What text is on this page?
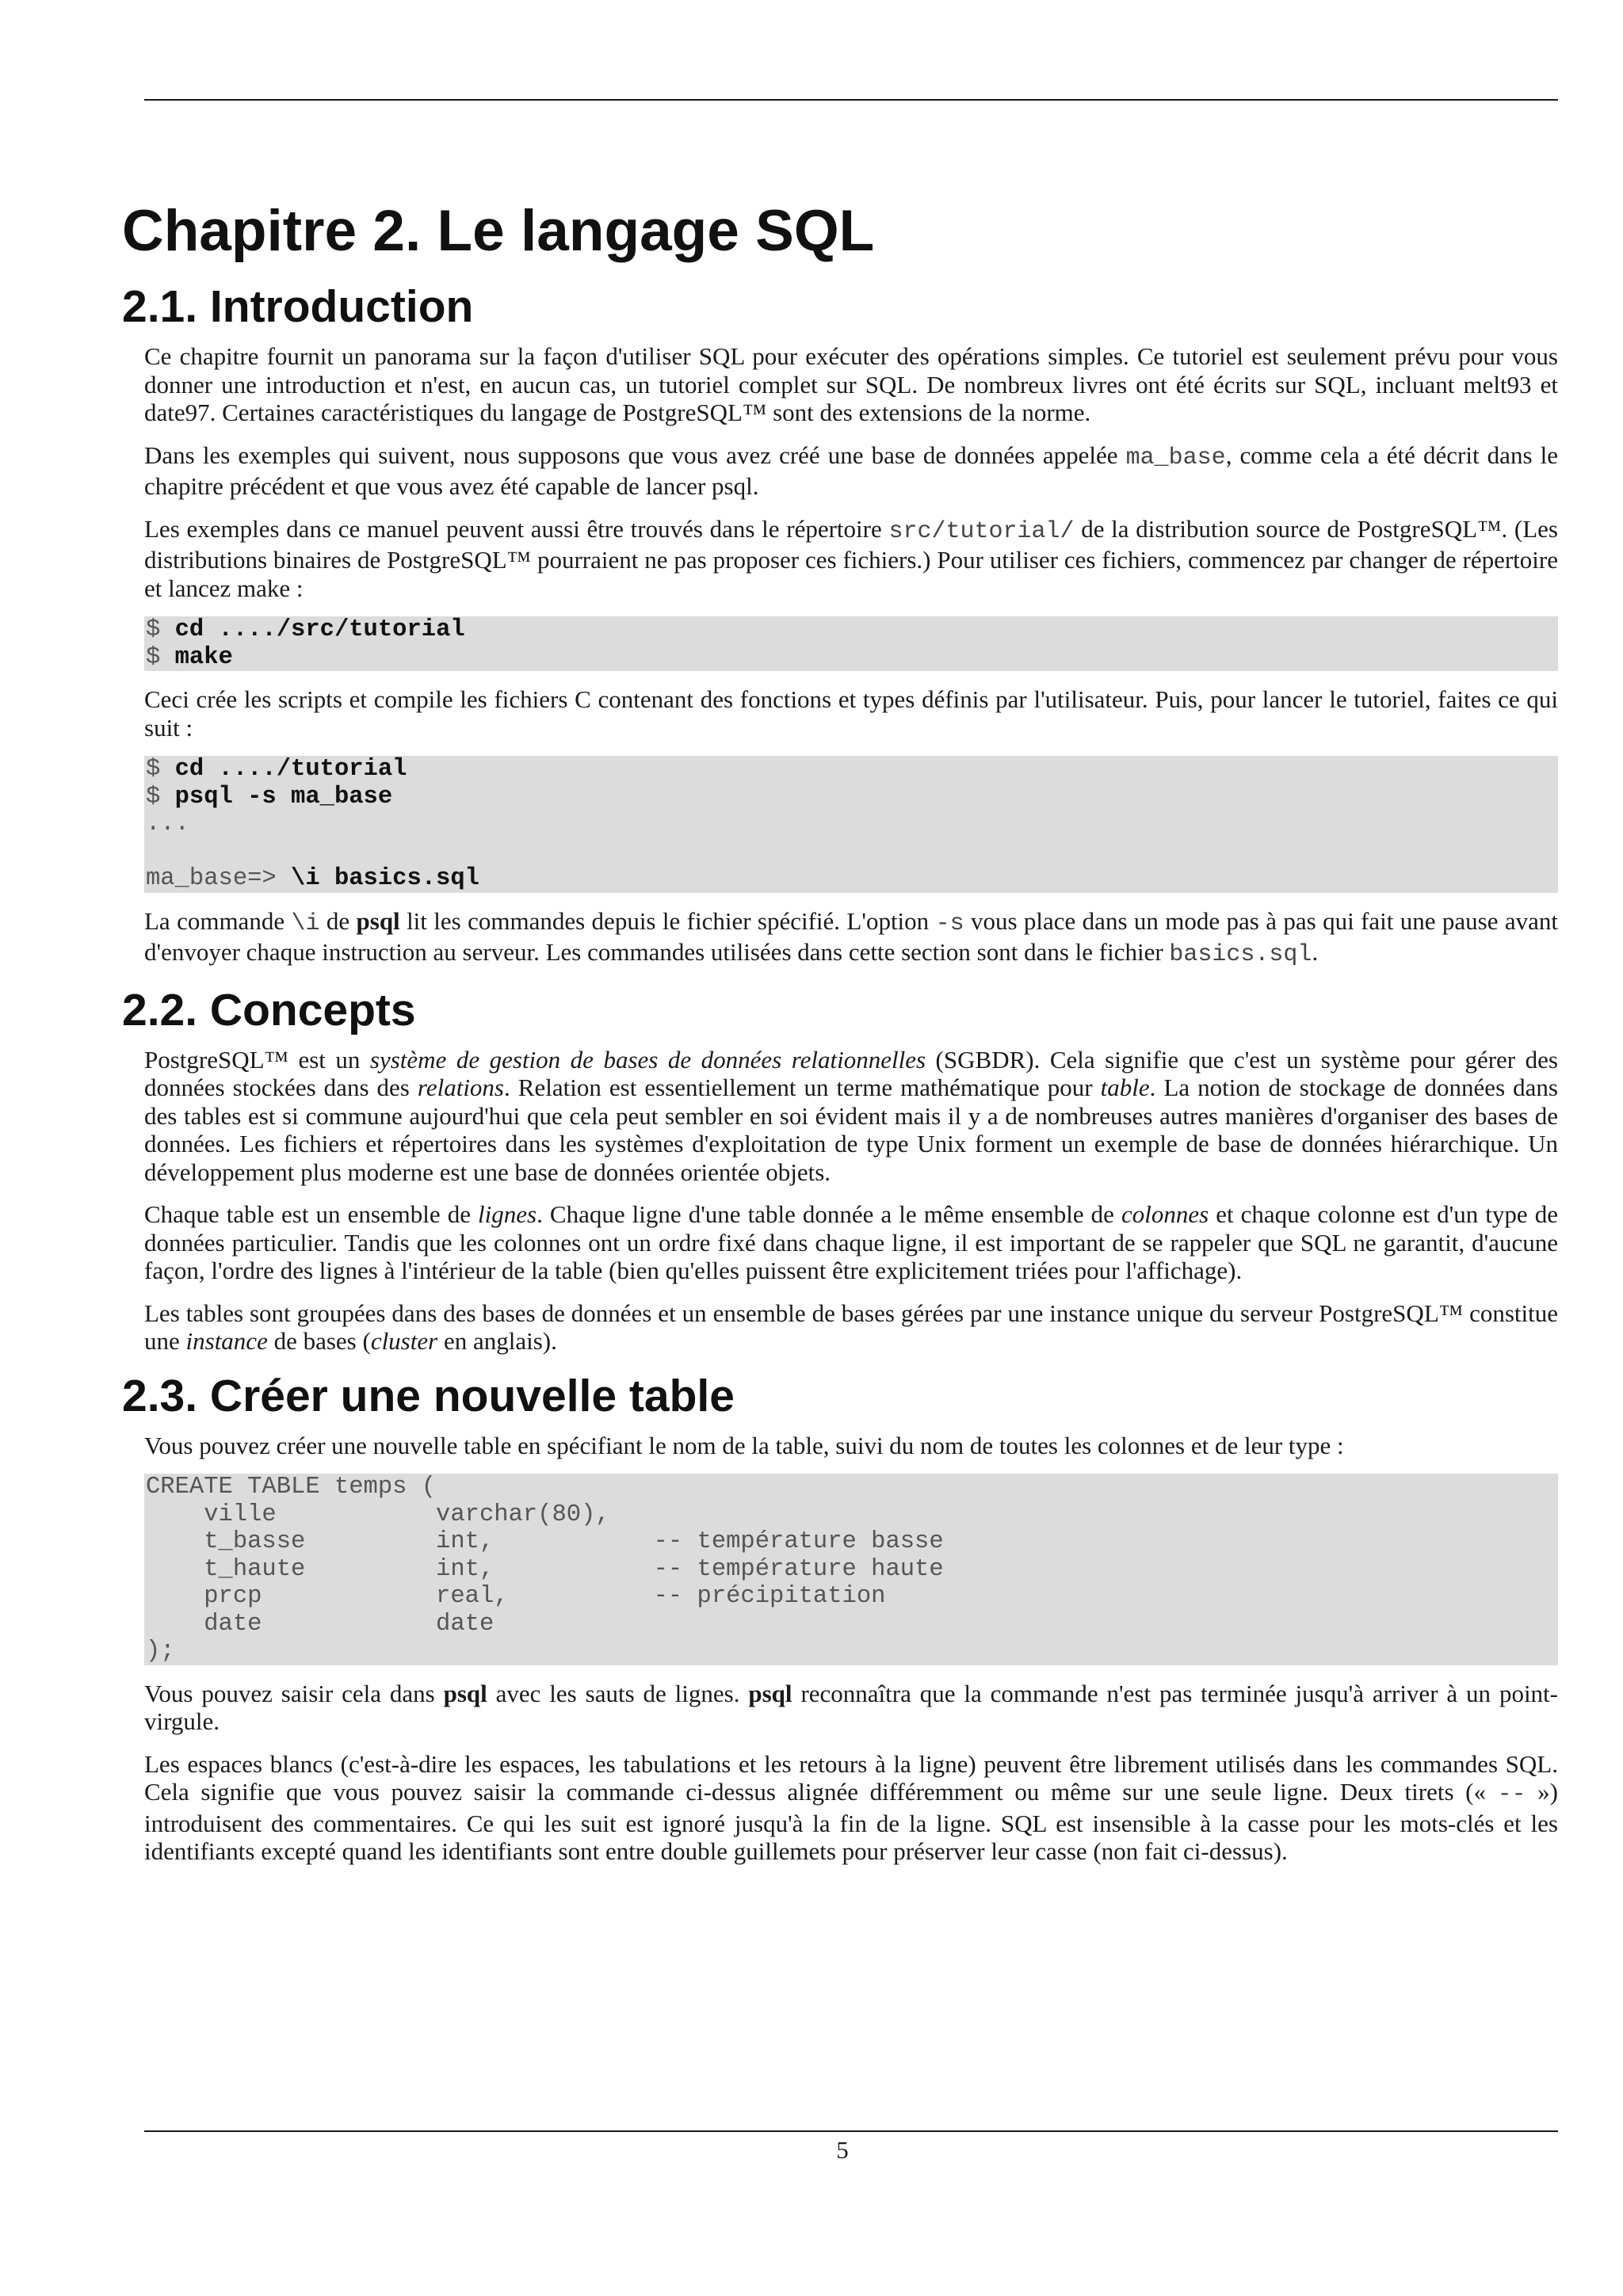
Chapitre 2. Le langage SQL
2.1. Introduction

Ce chapitre fournit un panorama sur la façon d'utiliser SQL pour exécuter des opérations simples. Ce tutoriel est seulement prévu pour vous donner une introduction et n'est, en aucun cas, un tutoriel complet sur SQL. De nombreux livres ont été écrits sur SQL, incluant melt93 et date97. Certaines caractéristiques du langage de PostgreSQL™ sont des extensions de la norme.

Dans les exemples qui suivent, nous supposons que vous avez créé une base de données appelée ma_base, comme cela a été décrit dans le chapitre précédent et que vous avez été capable de lancer psql.

Les exemples dans ce manuel peuvent aussi être trouvés dans le répertoire src/tutorial/ de la distribution source de PostgreSQL™. (Les distributions binaires de PostgreSQL™ pourraient ne pas proposer ces fichiers.) Pour utiliser ces fichiers, commencez par changer de répertoire et lancez make :

$ cd ..../src/tutorial
$ make

Ceci crée les scripts et compile les fichiers C contenant des fonctions et types définis par l'utilisateur. Puis, pour lancer le tutoriel, faites ce qui suit :

$ cd ..../tutorial
$ psql -s ma_base
...
ma_base=> \i basics.sql

La commande \i de psql lit les commandes depuis le fichier spécifié. L'option -s vous place dans un mode pas à pas qui fait une pause avant d'envoyer chaque instruction au serveur. Les commandes utilisées dans cette section sont dans le fichier basics.sql.

2.2. Concepts

PostgreSQL™ est un système de gestion de bases de données relationnelles (SGBDR). Cela signifie que c'est un système pour gérer des données stockées dans des relations. Relation est essentiellement un terme mathématique pour table. La notion de stockage de données dans des tables est si commune aujourd'hui que cela peut sembler en soi évident mais il y a de nombreuses autres manières d'organiser des bases de données. Les fichiers et répertoires dans les systèmes d'exploitation de type Unix forment un exemple de base de données hiérarchique. Un développement plus moderne est une base de données orientée objets.

Chaque table est un ensemble de lignes. Chaque ligne d'une table donnée a le même ensemble de colonnes et chaque colonne est d'un type de données particulier. Tandis que les colonnes ont un ordre fixé dans chaque ligne, il est important de se rappeler que SQL ne garantit, d'aucune façon, l'ordre des lignes à l'intérieur de la table (bien qu'elles puissent être explicitement triées pour l'affichage).

Les tables sont groupées dans des bases de données et un ensemble de bases gérées par une instance unique du serveur PostgreSQL™ constitue une instance de bases (cluster en anglais).

2.3. Créer une nouvelle table

Vous pouvez créer une nouvelle table en spécifiant le nom de la table, suivi du nom de toutes les colonnes et de leur type :

CREATE TABLE temps (
ville           varchar(80),
t_basse         int,           -- température basse
t_haute         int,           -- température haute
prcp            real,          -- précipitation
date            date
);

Vous pouvez saisir cela dans psql avec les sauts de lignes. psql reconnaîtra que la commande n'est pas terminée jusqu'à arriver à un point-virgule.

Les espaces blancs (c'est-à-dire les espaces, les tabulations et les retours à la ligne) peuvent être librement utilisés dans les commandes SQL. Cela signifie que vous pouvez saisir la commande ci-dessus alignée différemment ou même sur une seule ligne. Deux tirets (« -- ») introduisent des commentaires. Ce qui les suit est ignoré jusqu'à la fin de la ligne. SQL est insensible à la casse pour les mots-clés et les identifiants excepté quand les identifiants sont entre double guillemets pour préserver leur casse (non fait ci-dessus).

5
